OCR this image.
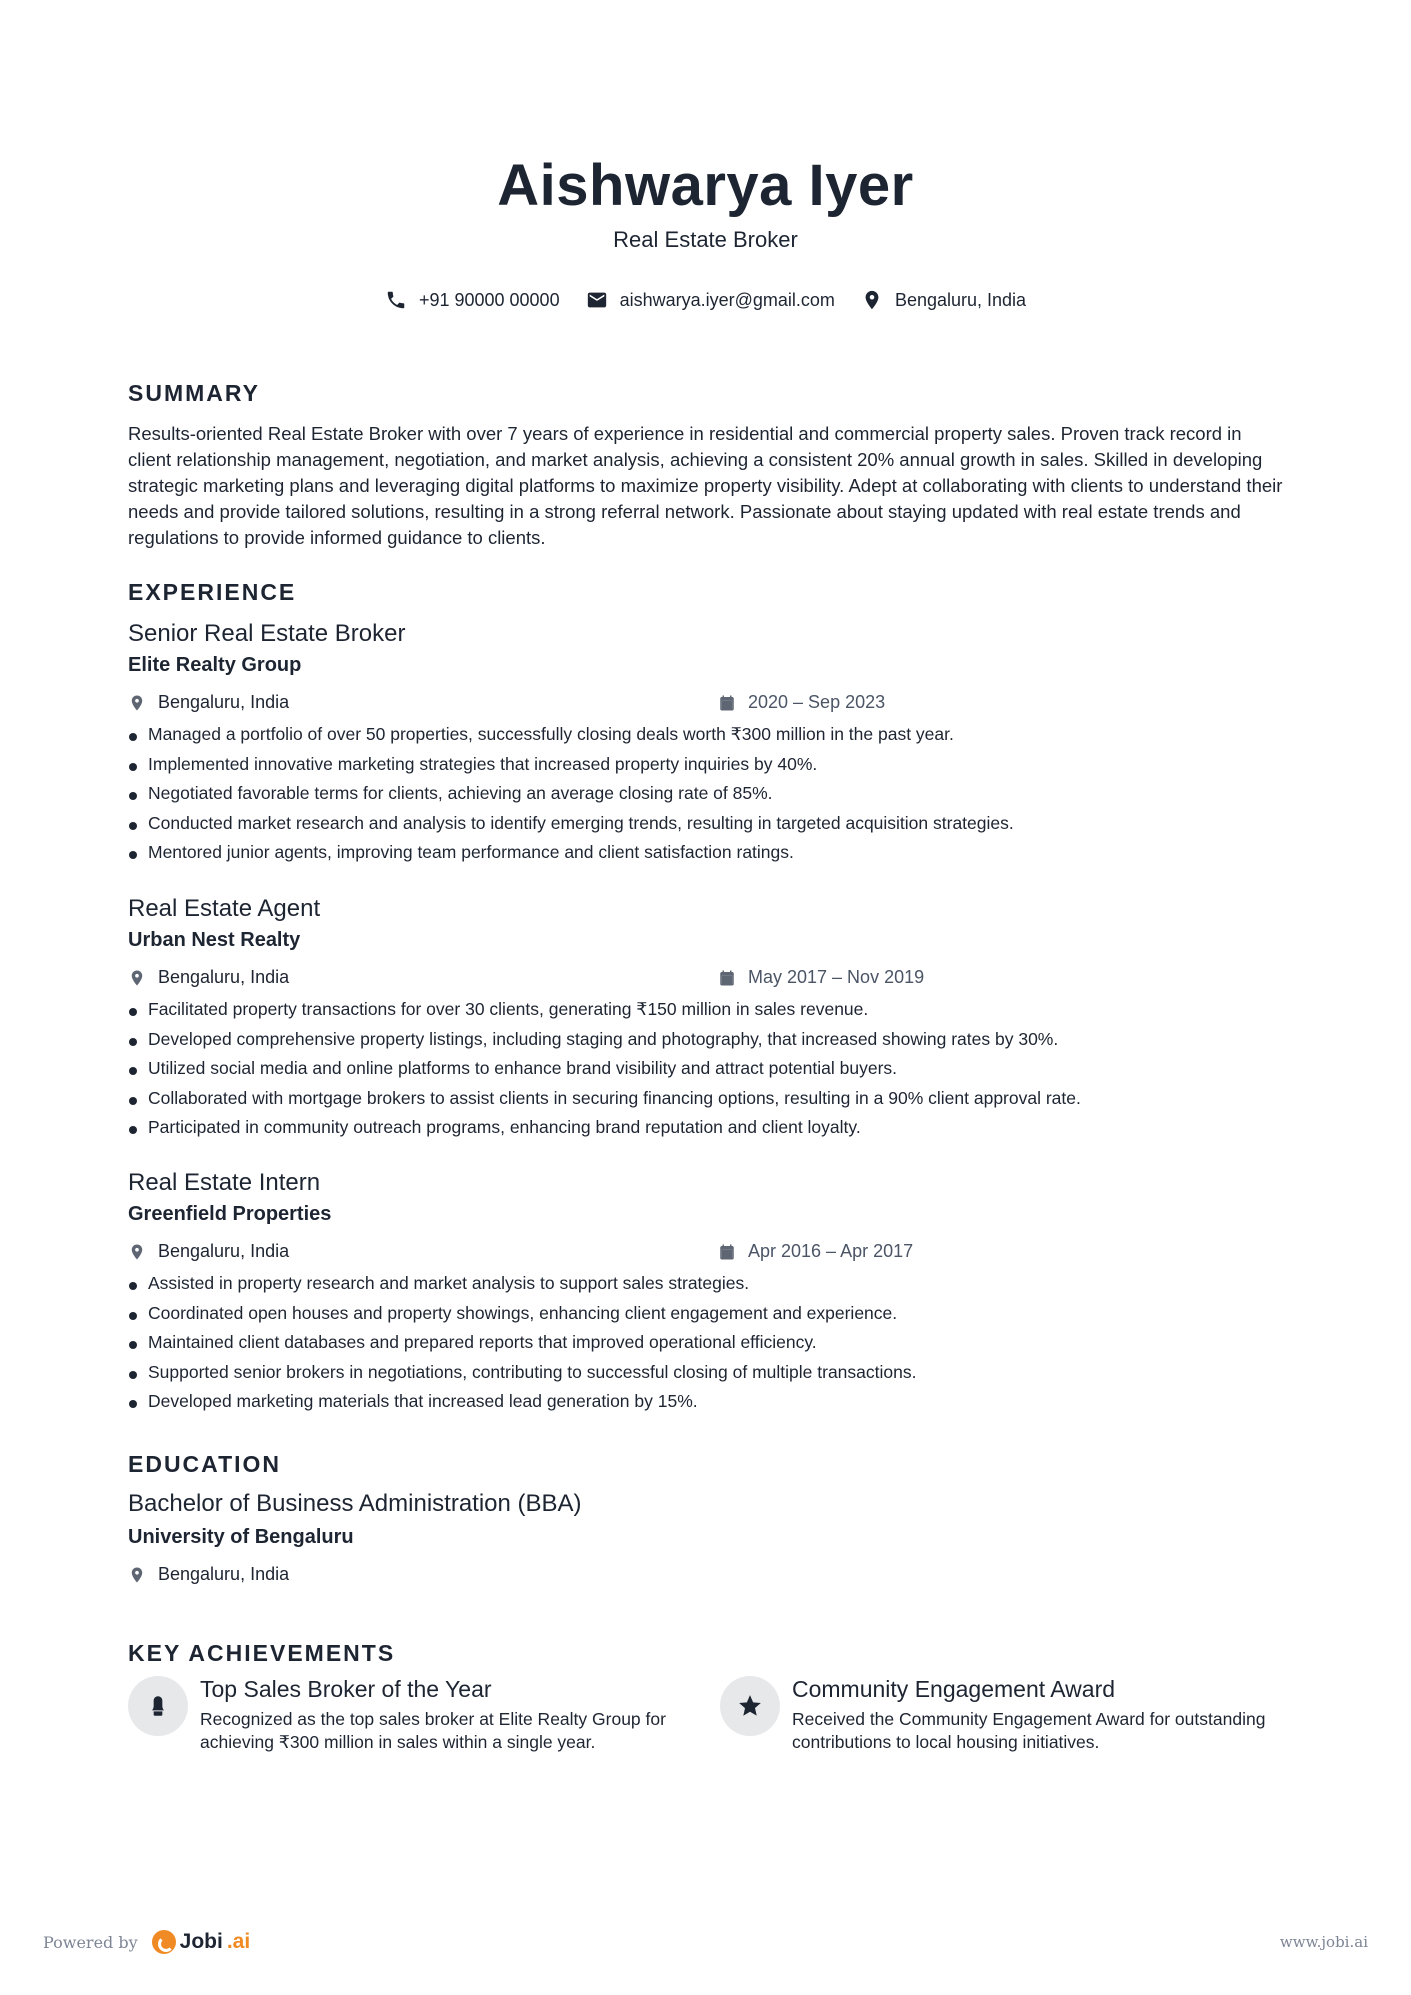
Aishwarya Iyer
Real Estate Broker
+91 90000 00000	aishwarya.iyer@gmail.com	Bengaluru, India
SUMMARY
Results-oriented Real Estate Broker with over 7 years of experience in residential and commercial property sales. Proven track record in client relationship management, negotiation, and market analysis, achieving a consistent 20% annual growth in sales. Skilled in developing strategic marketing plans and leveraging digital platforms to maximize property visibility. Adept at collaborating with clients to understand their needs and provide tailored solutions, resulting in a strong referral network. Passionate about staying updated with real estate trends and regulations to provide informed guidance to clients.
EXPERIENCE
Senior Real Estate Broker
Elite Realty Group
Bengaluru, India	2020 – Sep 2023
Managed a portfolio of over 50 properties, successfully closing deals worth ₹300 million in the past year.
Implemented innovative marketing strategies that increased property inquiries by 40%.
Negotiated favorable terms for clients, achieving an average closing rate of 85%.
Conducted market research and analysis to identify emerging trends, resulting in targeted acquisition strategies.
Mentored junior agents, improving team performance and client satisfaction ratings.
Real Estate Agent
Urban Nest Realty
Bengaluru, India	May 2017 – Nov 2019
Facilitated property transactions for over 30 clients, generating ₹150 million in sales revenue.
Developed comprehensive property listings, including staging and photography, that increased showing rates by 30%.
Utilized social media and online platforms to enhance brand visibility and attract potential buyers.
Collaborated with mortgage brokers to assist clients in securing financing options, resulting in a 90% client approval rate.
Participated in community outreach programs, enhancing brand reputation and client loyalty.
Real Estate Intern
Greenfield Properties
Bengaluru, India	Apr 2016 – Apr 2017
Assisted in property research and market analysis to support sales strategies.
Coordinated open houses and property showings, enhancing client engagement and experience.
Maintained client databases and prepared reports that improved operational efficiency.
Supported senior brokers in negotiations, contributing to successful closing of multiple transactions.
Developed marketing materials that increased lead generation by 15%.
EDUCATION
Bachelor of Business Administration (BBA)
University of Bengaluru
Bengaluru, India
KEY ACHIEVEMENTS
Top Sales Broker of the Year
Recognized as the top sales broker at Elite Realty Group for achieving ₹300 million in sales within a single year.
Community Engagement Award
Received the Community Engagement Award for outstanding contributions to local housing initiatives.
Powered by Jobi .ai	www.jobi.ai
